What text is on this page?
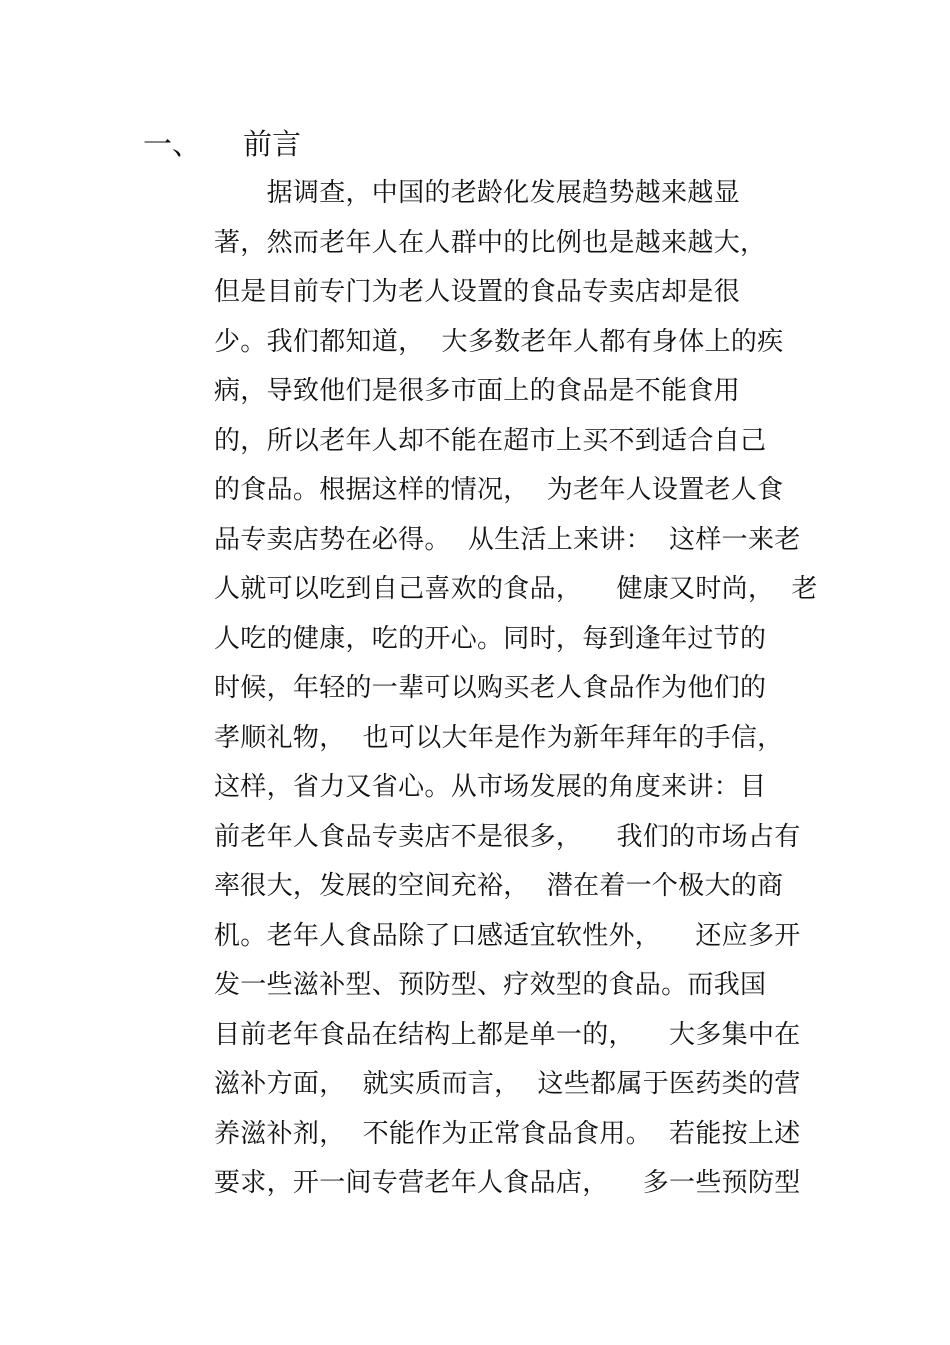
一、 前言
　　据调查，中国的老龄化发展趋势越来越显
著，然而老年人在人群中的比例也是越来越大，
但是目前专门为老人设置的食品专卖店却是很
少。我们都知道，  大多数老年人都有身体上的疾
病，导致他们是很多市面上的食品是不能食用
的，所以老年人却不能在超市上买不到适合自己
的食品。根据这样的情况，  为老年人设置老人食
品专卖店势在必得。  从生活上来讲：  这样一来老
人就可以吃到自己喜欢的食品，    健康又时尚，  老
人吃的健康，吃的开心。同时，每到逢年过节的
时候，年轻的一辈可以购买老人食品作为他们的
孝顺礼物，  也可以大年是作为新年拜年的手信，
这样，省力又省心。从市场发展的角度来讲：目
前老年人食品专卖店不是很多，    我们的市场占有
率很大，发展的空间充裕，  潜在着一个极大的商
机。老年人食品除了口感适宜软性外，    还应多开
发一些滋补型、预防型、疗效型的食品。而我国
目前老年食品在结构上都是单一的，    大多集中在
滋补方面，  就实质而言，  这些都属于医药类的营
养滋补剂，  不能作为正常食品食用。  若能按上述
要求，开一间专营老年人食品店，    多一些预防型
